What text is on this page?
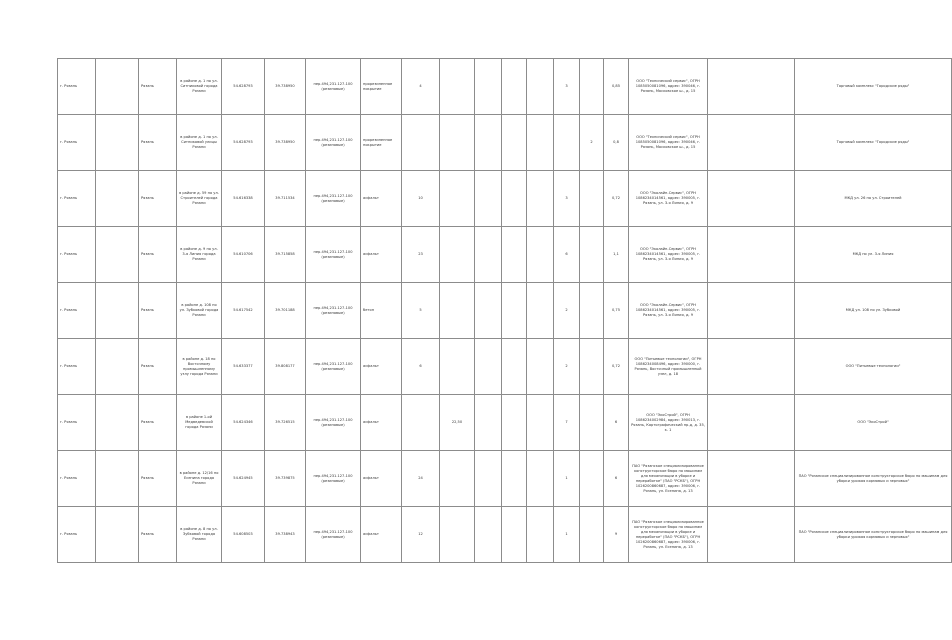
г. Рязань		Рязань	в районе д. 1 по ул. Ситниковой города Рязани	54.628793	39.738950	пер.494,231.127-100 (резиновые)	прорезиненное покрытие	4					3		0,85	ООО "Технический сервис", ОГРН 1085050081096, адрес: 390046, г. Рязань, Московское ш., д. 15		Торговый комплекс "Городские ряды"
г. Рязань		Рязань	в районе д. 1 по ул. Ситниковой улицы Рязани	54.628793	39.738950	пер.494,231.127-100 (резиновые)	прорезиненное покрытие							2	0,8	ООО "Технический сервис", ОГРН 1085050081096, адрес: 390046, г. Рязань, Московское ш., д. 15		Торговый комплекс "Городские ряды"
г. Рязань		Рязань	в районе д. 59 по ул. Строителей города Рязани	54.616338	39.711534	пер.494,231.127-100 (резиновые)	асфальт	10					3		0,72	ООО "Эколайн-Сервис", ОГРН 1086234014561, адрес: 390005, г. Рязань, ул. 3-я Линия, д. 9		МКД ул. 26 по ул. Строителей
г. Рязань		Рязань	в районе д. 9 по ул. 3-я Линия города Рязани	54.610706	39.715858	пер.494,231.127-100 (резиновые)	асфальт	23					6		1,1	ООО "Эколайн-Сервис", ОГРН 1086234014561, адрес: 390005, г. Рязань, ул. 3-я Линия, д. 9		МКД по ул. 3-я Линия
г. Рязань		Рязань	в районе д. 108 по ул. Зубковой города Рязани	54.617542	39.701188	пер.494,231.127-100 (резиновые)	бетон	5					2		0,75	ООО "Эколайн-Сервис", ОГРН 1086234014561, адрес: 390005, г. Рязань, ул. 3-я Линия, д. 9		МКД ул. 108 по ул. Зубковой
г. Рязань		Рязань	в районе д. 18 по Восточному промышленному узлу города Рязани	54.633377	39.808177	пер.494,231.127-100 (резиновые)	асфальт	6					2		0,72	ООО "Питьевые технологии", ОГРН 1086234008496, адрес: 390000, г. Рязань, Восточный промышленный узел, д. 18		ООО "Питьевые технологии"
г. Рязань		Рязань	в районе 1-ой Медведевской города Рязани	54.624346	39.726515	пер.494,231.127-100 (резиновые)	асфальт		22,50				7		6	ООО "ЭкоСтрой", ОГРН 1086234002984, адрес: 390013, г. Рязань, Картографический пр-д, д. 35, к. 1		ООО "ЭкоСтрой"
г. Рязань		Рязань	в районе д. 12/16 по Есенина города Рязани	54.624945	39.739875	пер.494,231.127-100 (резиновые)	асфальт	24					1		6	ПАО "Рязанское специализированное конструкторское бюро по машинам для механизации в уборке и переработке" (ПАО "РСКБ"), ОГРН 1026200860687, адрес: 390006, г. Рязань, ул. Есенина, д. 13		ПАО "Рязанское специализированное конструкторское бюро по машинам для уборки урожая кормовых и зерновых"
г. Рязань		Рязань	в районе д. 8 по ул. Зубковой города Рязани	54.608503	39.738943	пер.494,231.127-100 (резиновые)	асфальт	12					1		9	ПАО "Рязанское специализированное конструкторское бюро по машинам для механизации в уборке и переработке" (ПАО "РСКБ"), ОГРН 1026200860687, адрес: 390006, г. Рязань, ул. Есенина, д. 13		ПАО "Рязанское специализированное конструкторское бюро по машинам для уборки урожая кормовых и зерновых"
